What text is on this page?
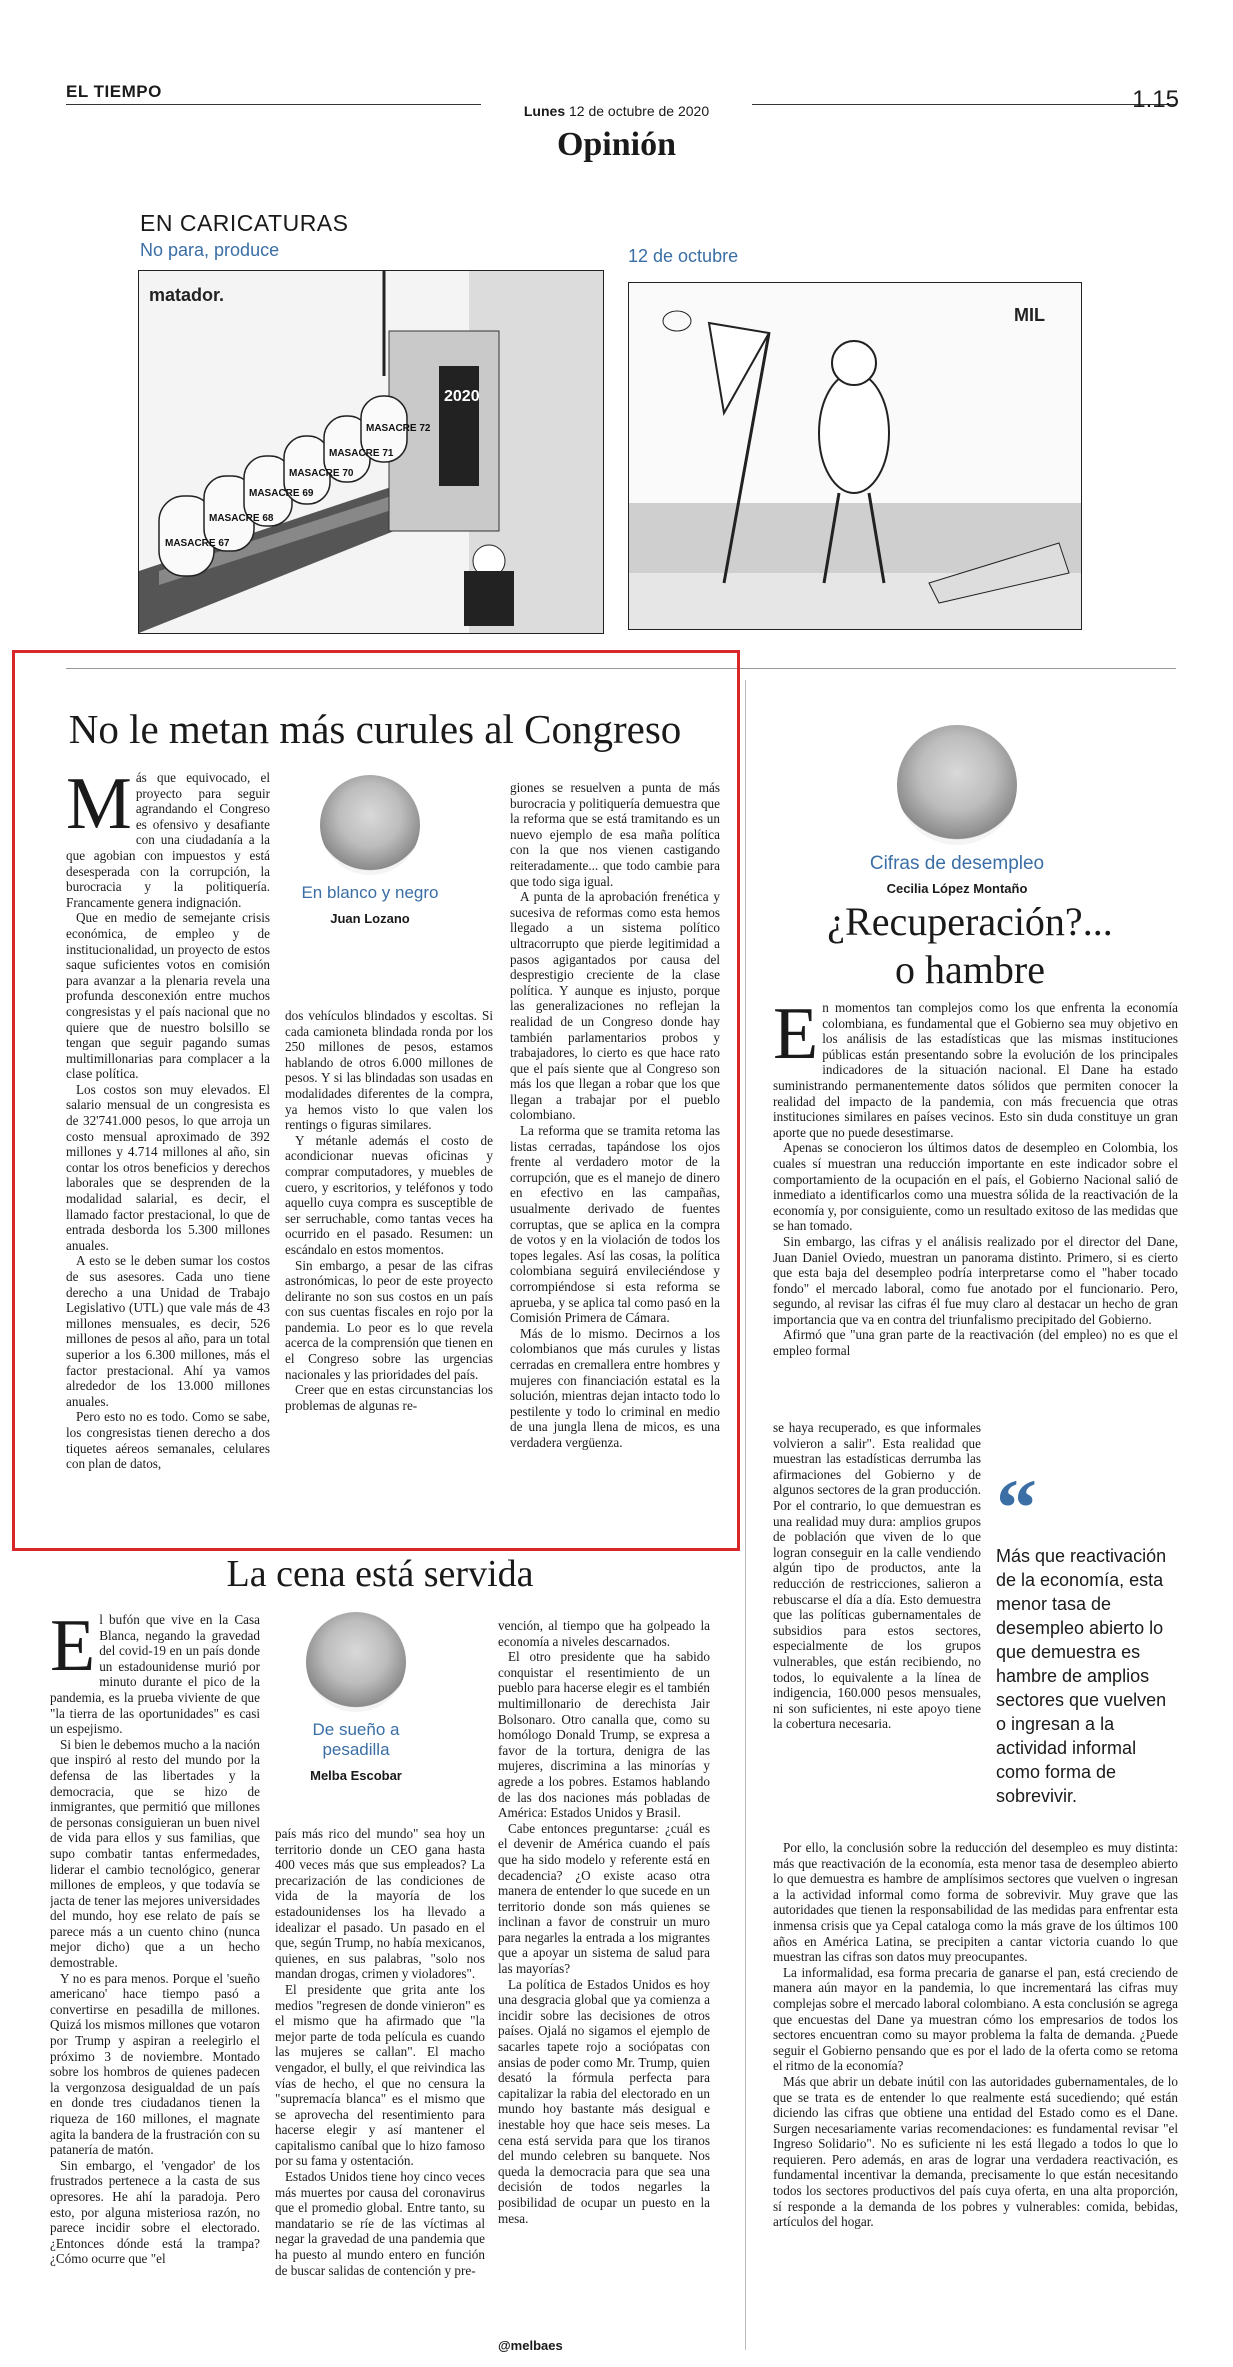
EL TIEMPO
Lunes 12 de octubre de 2020	1.15
Opinión
EN CARICATURAS
No para, produce	12 de octubre
2020
MASACRE 67
MASACRE 68
MASACRE 69
MASACRE 70
MASACRE 71
MASACRE 72
matador.
MIL
No le metan más curules al Congreso
En blanco y negro
Juan Lozano
M ás que equivocado, el proyecto para seguir agrandando el Congreso es ofensivo y desafiante con una ciudadanía a la que agobian con impuestos y está desesperada con la corrupción, la burocracia y la politiquería. Francamente genera indignación.

Que en medio de semejante crisis económica, de empleo y de institucionalidad, un proyecto de estos saque suficientes votos en comisión para avanzar a la plenaria revela una profunda desconexión entre muchos congresistas y el país nacional que no quiere que de nuestro bolsillo se tengan que seguir pagando sumas multimillonarias para complacer a la clase política.

Los costos son muy elevados. El salario mensual de un congresista es de 32'741.000 pesos, lo que arroja un costo mensual aproximado de 392 millones y 4.714 millones al año, sin contar los otros beneficios y derechos laborales que se desprenden de la modalidad salarial, es decir, el llamado factor prestacional, lo que de entrada desborda los 5.300 millones anuales.

A esto se le deben sumar los costos de sus asesores. Cada uno tiene derecho a una Unidad de Trabajo Legislativo (UTL) que vale más de 43 millones mensuales, es decir, 526 millones de pesos al año, para un total superior a los 6.300 millones, más el factor prestacional. Ahí ya vamos alrededor de los 13.000 millones anuales.

Pero esto no es todo. Como se sabe, los congresistas tienen derecho a dos tiquetes aéreos semanales, celulares con plan de datos,

dos vehículos blindados y escoltas. Si cada camioneta blindada ronda por los 250 millones de pesos, estamos hablando de otros 6.000 millones de pesos. Y si las blindadas son usadas en modalidades diferentes de la compra, ya hemos visto lo que valen los rentings o figuras similares.

Y métanle además el costo de acondicionar nuevas oficinas y comprar computadores, y muebles de cuero, y escritorios, y teléfonos y todo aquello cuya compra es susceptible de ser serruchable, como tantas veces ha ocurrido en el pasado. Resumen: un escándalo en estos momentos.

Sin embargo, a pesar de las cifras astronómicas, lo peor de este proyecto delirante no son sus costos en un país con sus cuentas fiscales en rojo por la pandemia. Lo peor es lo que revela acerca de la comprensión que tienen en el Congreso sobre las urgencias nacionales y las prioridades del país.

Creer que en estas circunstancias los problemas de algunas re-

giones se resuelven a punta de más burocracia y politiquería demuestra que la reforma que se está tramitando es un nuevo ejemplo de esa maña política con la que nos vienen castigando reiteradamente... que todo cambie para que todo siga igual.

A punta de la aprobación frenética y sucesiva de reformas como esta hemos llegado a un sistema político ultracorrupto que pierde legitimidad a pasos agigantados por causa del desprestigio creciente de la clase política. Y aunque es injusto, porque las generalizaciones no reflejan la realidad de un Congreso donde hay también parlamentarios probos y trabajadores, lo cierto es que hace rato que el país siente que al Congreso son más los que llegan a robar que los que llegan a trabajar por el pueblo colombiano.

La reforma que se tramita retoma las listas cerradas, tapándose los ojos frente al verdadero motor de la corrupción, que es el manejo de dinero en efectivo en las campañas, usualmente derivado de fuentes corruptas, que se aplica en la compra de votos y en la violación de todos los topes legales. Así las cosas, la política colombiana seguirá envileciéndose y corrompiéndose si esta reforma se aprueba, y se aplica tal como pasó en la Comisión Primera de Cámara.

Más de lo mismo. Decirnos a los colombianos que más curules y listas cerradas en cremallera entre hombres y mujeres con financiación estatal es la solución, mientras dejan intacto todo lo pestilente y todo lo criminal en medio de una jungla llena de micos, es una verdadera vergüenza.

La cena está servida
De sueño a pesadilla
Melba Escobar
E l bufón que vive en la Casa Blanca, negando la gravedad del covid-19 en un país donde un estadounidense murió por minuto durante el pico de la pandemia, es la prueba viviente de que "la tierra de las oportunidades" es casi un espejismo.

Si bien le debemos mucho a la nación que inspiró al resto del mundo por la defensa de las libertades y la democracia, que se hizo de inmigrantes, que permitió que millones de personas consiguieran un buen nivel de vida para ellos y sus familias, que supo combatir tantas enfermedades, liderar el cambio tecnológico, generar millones de empleos, y que todavía se jacta de tener las mejores universidades del mundo, hoy ese relato de país se parece más a un cuento chino (nunca mejor dicho) que a un hecho demostrable.

Y no es para menos. Porque el 'sueño americano' hace tiempo pasó a convertirse en pesadilla de millones. Quizá los mismos millones que votaron por Trump y aspiran a reelegirlo el próximo 3 de noviembre. Montado sobre los hombros de quienes padecen la vergonzosa desigualdad de un país en donde tres ciudadanos tienen la riqueza de 160 millones, el magnate agita la bandera de la frustración con su patanería de matón.

Sin embargo, el 'vengador' de los frustrados pertenece a la casta de sus opresores. He ahí la paradoja. Pero esto, por alguna misteriosa razón, no parece incidir sobre el electorado. ¿Entonces dónde está la trampa? ¿Cómo ocurre que "el

país más rico del mundo" sea hoy un territorio donde un CEO gana hasta 400 veces más que sus empleados? La precarización de las condiciones de vida de la mayoría de los estadounidenses los ha llevado a idealizar el pasado. Un pasado en el que, según Trump, no había mexicanos, quienes, en sus palabras, "solo nos mandan drogas, crimen y violadores".

El presidente que grita ante los medios "regresen de donde vinieron" es el mismo que ha afirmado que "la mejor parte de toda película es cuando las mujeres se callan". El macho vengador, el bully, el que reivindica las vías de hecho, el que no censura la "supremacía blanca" es el mismo que se aprovecha del resentimiento para hacerse elegir y así mantener el capitalismo caníbal que lo hizo famoso por su fama y ostentación.

Estados Unidos tiene hoy cinco veces más muertes por causa del coronavirus que el promedio global. Entre tanto, su mandatario se ríe de las víctimas al negar la gravedad de una pandemia que ha puesto al mundo entero en función de buscar salidas de contención y pre-

vención, al tiempo que ha golpeado la economía a niveles descarnados.

El otro presidente que ha sabido conquistar el resentimiento de un pueblo para hacerse elegir es el también multimillonario de derechista Jair Bolsonaro. Otro canalla que, como su homólogo Donald Trump, se expresa a favor de la tortura, denigra de las mujeres, discrimina a las minorías y agrede a los pobres. Estamos hablando de las dos naciones más pobladas de América: Estados Unidos y Brasil.

Cabe entonces preguntarse: ¿cuál es el devenir de América cuando el país que ha sido modelo y referente está en decadencia? ¿O existe acaso otra manera de entender lo que sucede en un territorio donde son más quienes se inclinan a favor de construir un muro para negarles la entrada a los migrantes que a apoyar un sistema de salud para las mayorías?

La política de Estados Unidos es hoy una desgracia global que ya comienza a incidir sobre las decisiones de otros países. Ojalá no sigamos el ejemplo de sacarles tapete rojo a sociópatas con ansias de poder como Mr. Trump, quien desató la fórmula perfecta para capitalizar la rabia del electorado en un mundo hoy bastante más desigual e inestable hoy que hace seis meses. La cena está servida para que los tiranos del mundo celebren su banquete. Nos queda la democracia para que sea una decisión de todos negarles la posibilidad de ocupar un puesto en la mesa.

@melbaes
Cifras de desempleo
Cecilia López Montaño
¿Recuperación?...
o hambre
E n momentos tan complejos como los que enfrenta la economía colombiana, es fundamental que el Gobierno sea muy objetivo en los análisis de las estadísticas que las mismas instituciones públicas están presentando sobre la evolución de los principales indicadores de la situación nacional. El Dane ha estado suministrando permanentemente datos sólidos que permiten conocer la realidad del impacto de la pandemia, con más frecuencia que otras instituciones similares en países vecinos. Esto sin duda constituye un gran aporte que no puede desestimarse.

Apenas se conocieron los últimos datos de desempleo en Colombia, los cuales sí muestran una reducción importante en este indicador sobre el comportamiento de la ocupación en el país, el Gobierno Nacional salió de inmediato a identificarlos como una muestra sólida de la reactivación de la economía y, por consiguiente, como un resultado exitoso de las medidas que se han tomado.

Sin embargo, las cifras y el análisis realizado por el director del Dane, Juan Daniel Oviedo, muestran un panorama distinto. Primero, si es cierto que esta baja del desempleo podría interpretarse como el "haber tocado fondo" el mercado laboral, como fue anotado por el funcionario. Pero, segundo, al revisar las cifras él fue muy claro al destacar un hecho de gran importancia que va en contra del triunfalismo precipitado del Gobierno.

Afirmó que "una gran parte de la reactivación (del empleo) no es que el empleo formal

se haya recuperado, es que informales volvieron a salir". Esta realidad que muestran las estadísticas derrumba las afirmaciones del Gobierno y de algunos sectores de la gran producción. Por el contrario, lo que demuestran es una realidad muy dura: amplios grupos de población que viven de lo que logran conseguir en la calle vendiendo algún tipo de productos, ante la reducción de restricciones, salieron a rebuscarse el día a día. Esto demuestra que las políticas gubernamentales de subsidios para estos sectores, especialmente de los grupos vulnerables, que están recibiendo, no todos, lo equivalente a la línea de indigencia, 160.000 pesos mensuales, ni son suficientes, ni este apoyo tiene la cobertura necesaria.

“
Más que reactivación de la economía, esta menor tasa de desempleo abierto lo que demuestra es hambre de amplios sectores que vuelven o ingresan a la actividad informal como forma de sobrevivir.

Por ello, la conclusión sobre la reducción del desempleo es muy distinta: más que reactivación de la economía, esta menor tasa de desempleo abierto lo que demuestra es hambre de amplísimos sectores que vuelven o ingresan a la actividad informal como forma de sobrevivir. Muy grave que las autoridades que tienen la responsabilidad de las medidas para enfrentar esta inmensa crisis que ya Cepal cataloga como la más grave de los últimos 100 años en América Latina, se precipiten a cantar victoria cuando lo que muestran las cifras son datos muy preocupantes.

La informalidad, esa forma precaria de ganarse el pan, está creciendo de manera aún mayor en la pandemia, lo que incrementará las cifras muy complejas sobre el mercado laboral colombiano. A esta conclusión se agrega que encuestas del Dane ya muestran cómo los empresarios de todos los sectores encuentran como su mayor problema la falta de demanda. ¿Puede seguir el Gobierno pensando que es por el lado de la oferta como se retoma el ritmo de la economía?

Más que abrir un debate inútil con las autoridades gubernamentales, de lo que se trata es de entender lo que realmente está sucediendo; qué están diciendo las cifras que obtiene una entidad del Estado como es el Dane. Surgen necesariamente varias recomendaciones: es fundamental revisar "el Ingreso Solidario". No es suficiente ni les está llegado a todos lo que lo requieren. Pero además, en aras de lograr una verdadera reactivación, es fundamental incentivar la demanda, precisamente lo que están necesitando todos los sectores productivos del país cuya oferta, en una alta proporción, sí responde a la demanda de los pobres y vulnerables: comida, bebidas, artículos del hogar.
